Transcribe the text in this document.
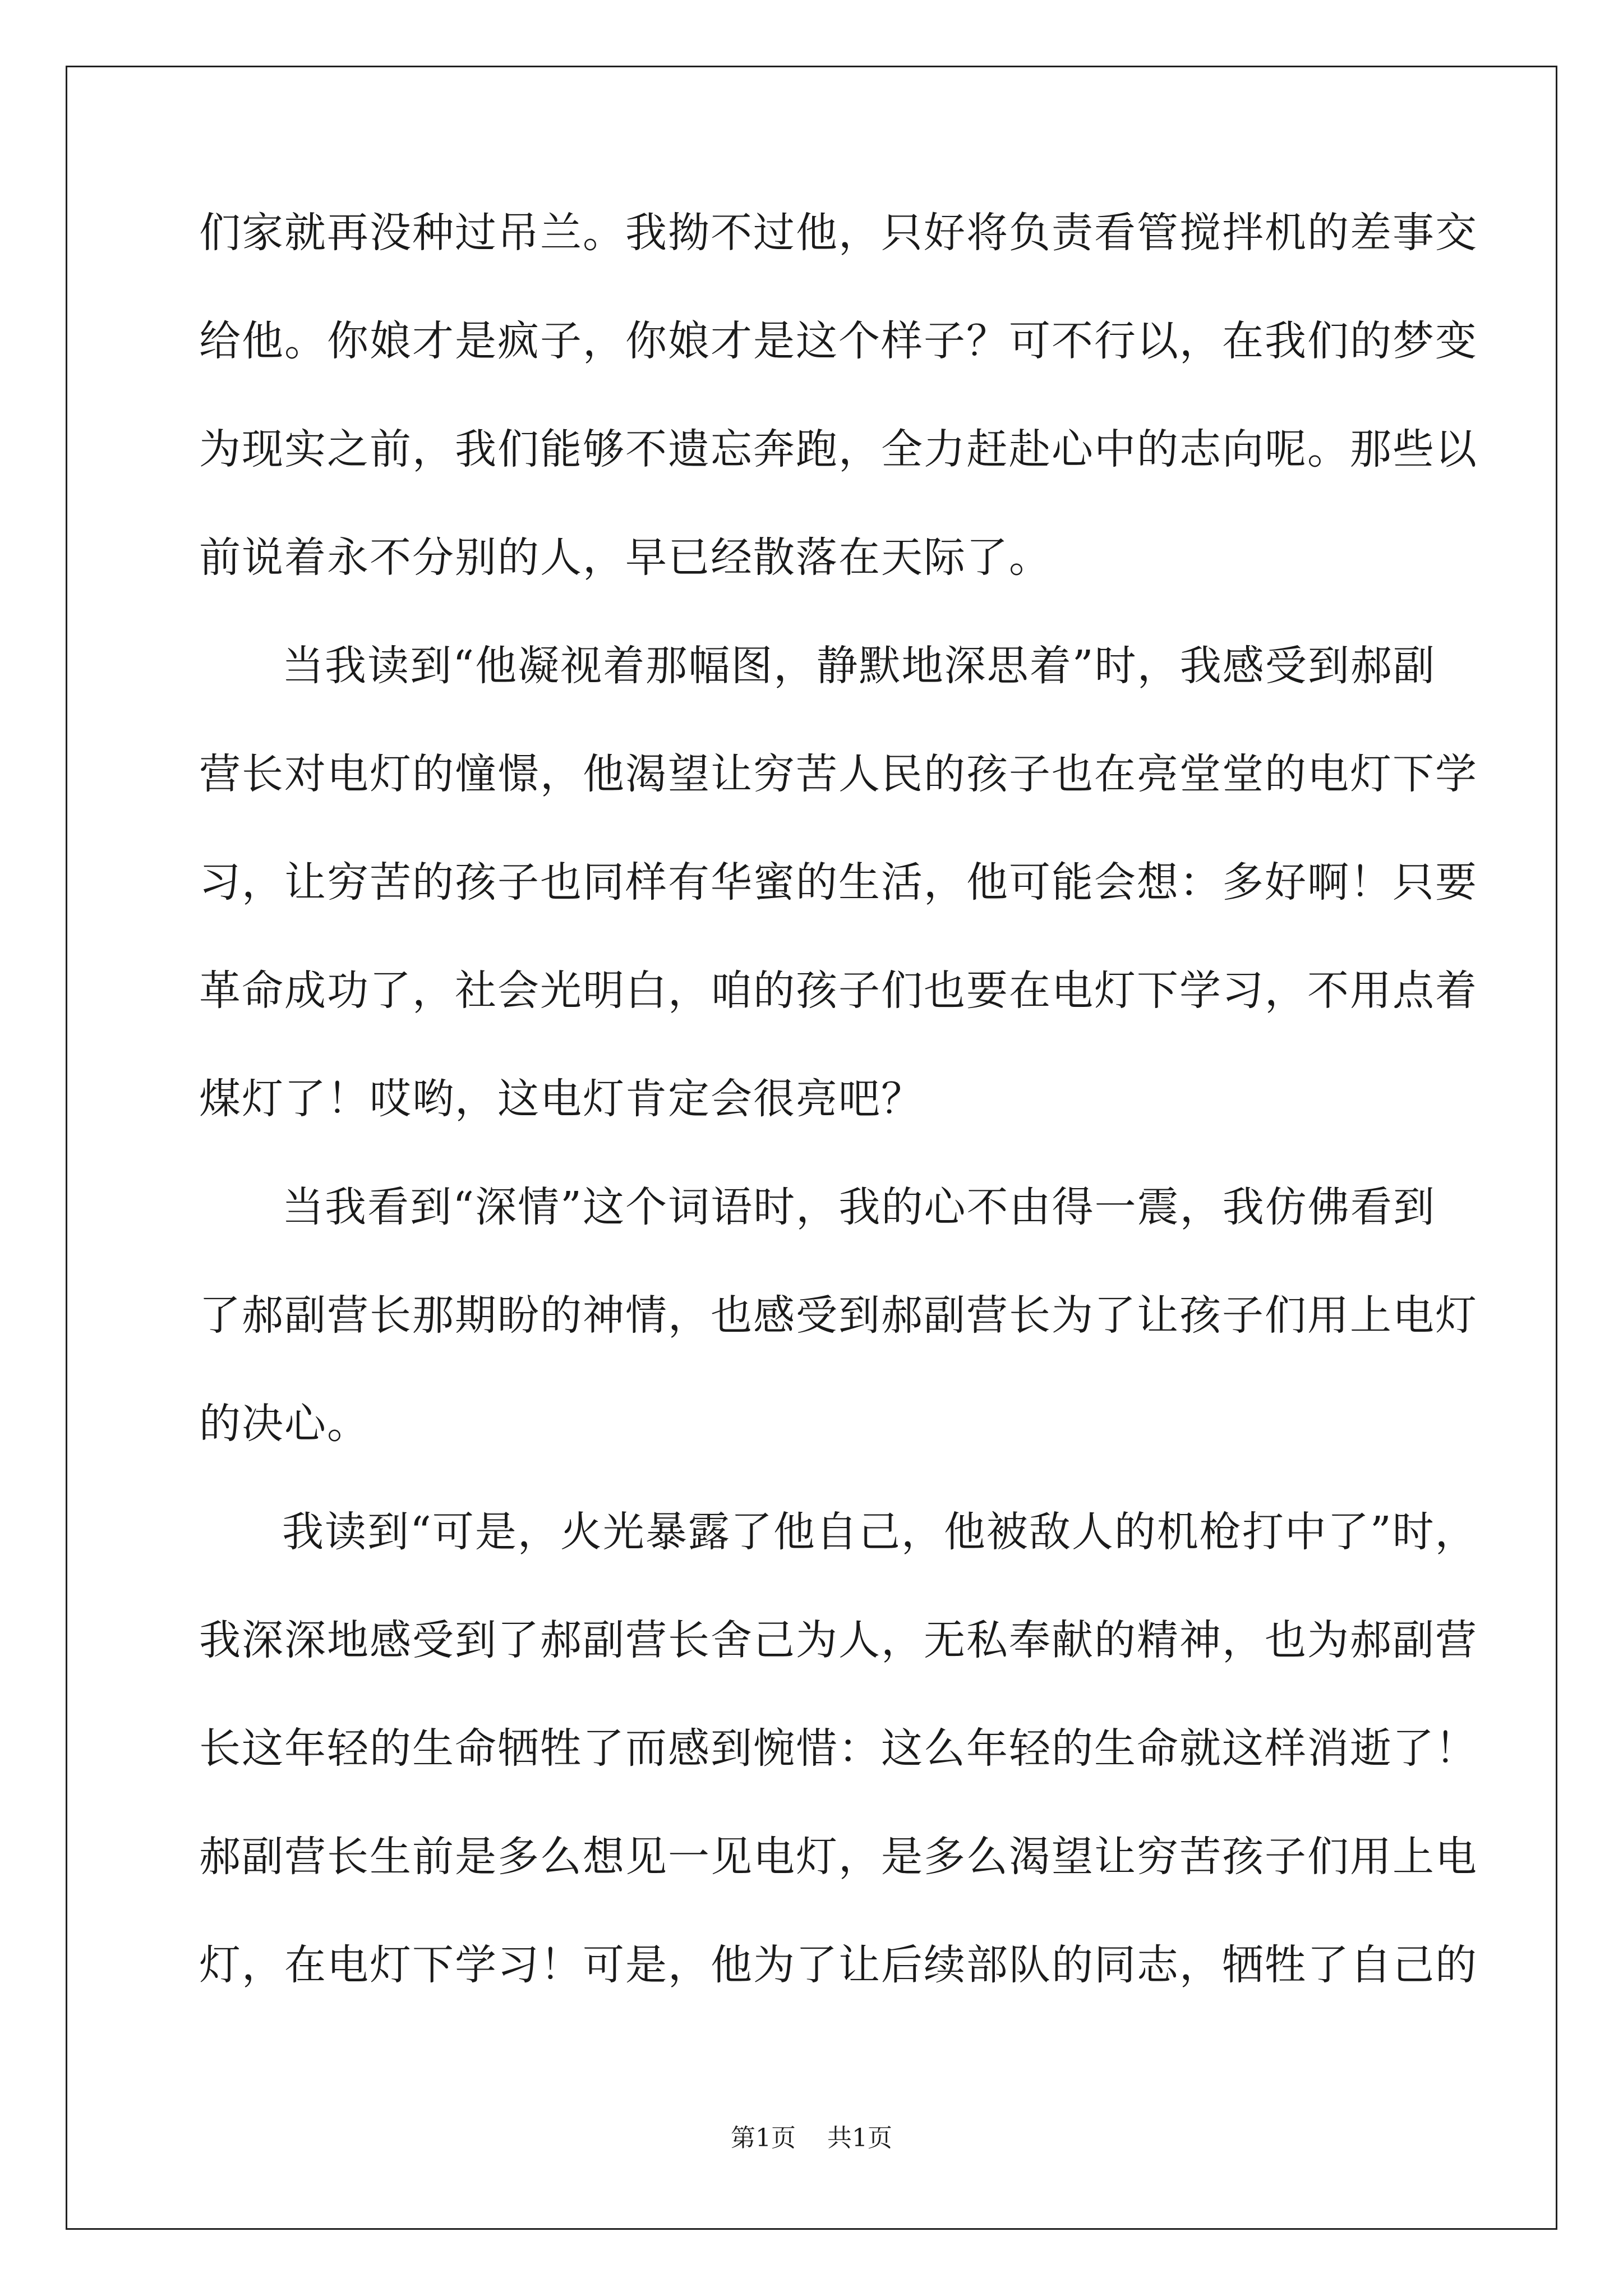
们家就再没种过吊兰。我拗不过他，只好将负责看管搅拌机的差事交
给他。你娘才是疯子，你娘才是这个样子？可不行以，在我们的梦变
为现实之前，我们能够不遗忘奔跑，全力赶赴心中的志向呢。那些以
前说着永不分别的人，早已经散落在天际了。
当我读到“他凝视着那幅图，静默地深思着”时，我感受到郝副
营长对电灯的憧憬，他渴望让穷苦人民的孩子也在亮堂堂的电灯下学
习，让穷苦的孩子也同样有华蜜的生活，他可能会想：多好啊！只要
革命成功了，社会光明白，咱的孩子们也要在电灯下学习，不用点着
煤灯了！哎哟，这电灯肯定会很亮吧？
当我看到“深情”这个词语时，我的心不由得一震，我仿佛看到
了郝副营长那期盼的神情，也感受到郝副营长为了让孩子们用上电灯
的决心。
我读到“可是，火光暴露了他自己，他被敌人的机枪打中了”时，
我深深地感受到了郝副营长舍己为人，无私奉献的精神，也为郝副营
长这年轻的生命牺牲了而感到惋惜：这么年轻的生命就这样消逝了！
郝副营长生前是多么想见一见电灯，是多么渴望让穷苦孩子们用上电
灯，在电灯下学习！可是，他为了让后续部队的同志，牺牲了自己的
第1页 共1页
